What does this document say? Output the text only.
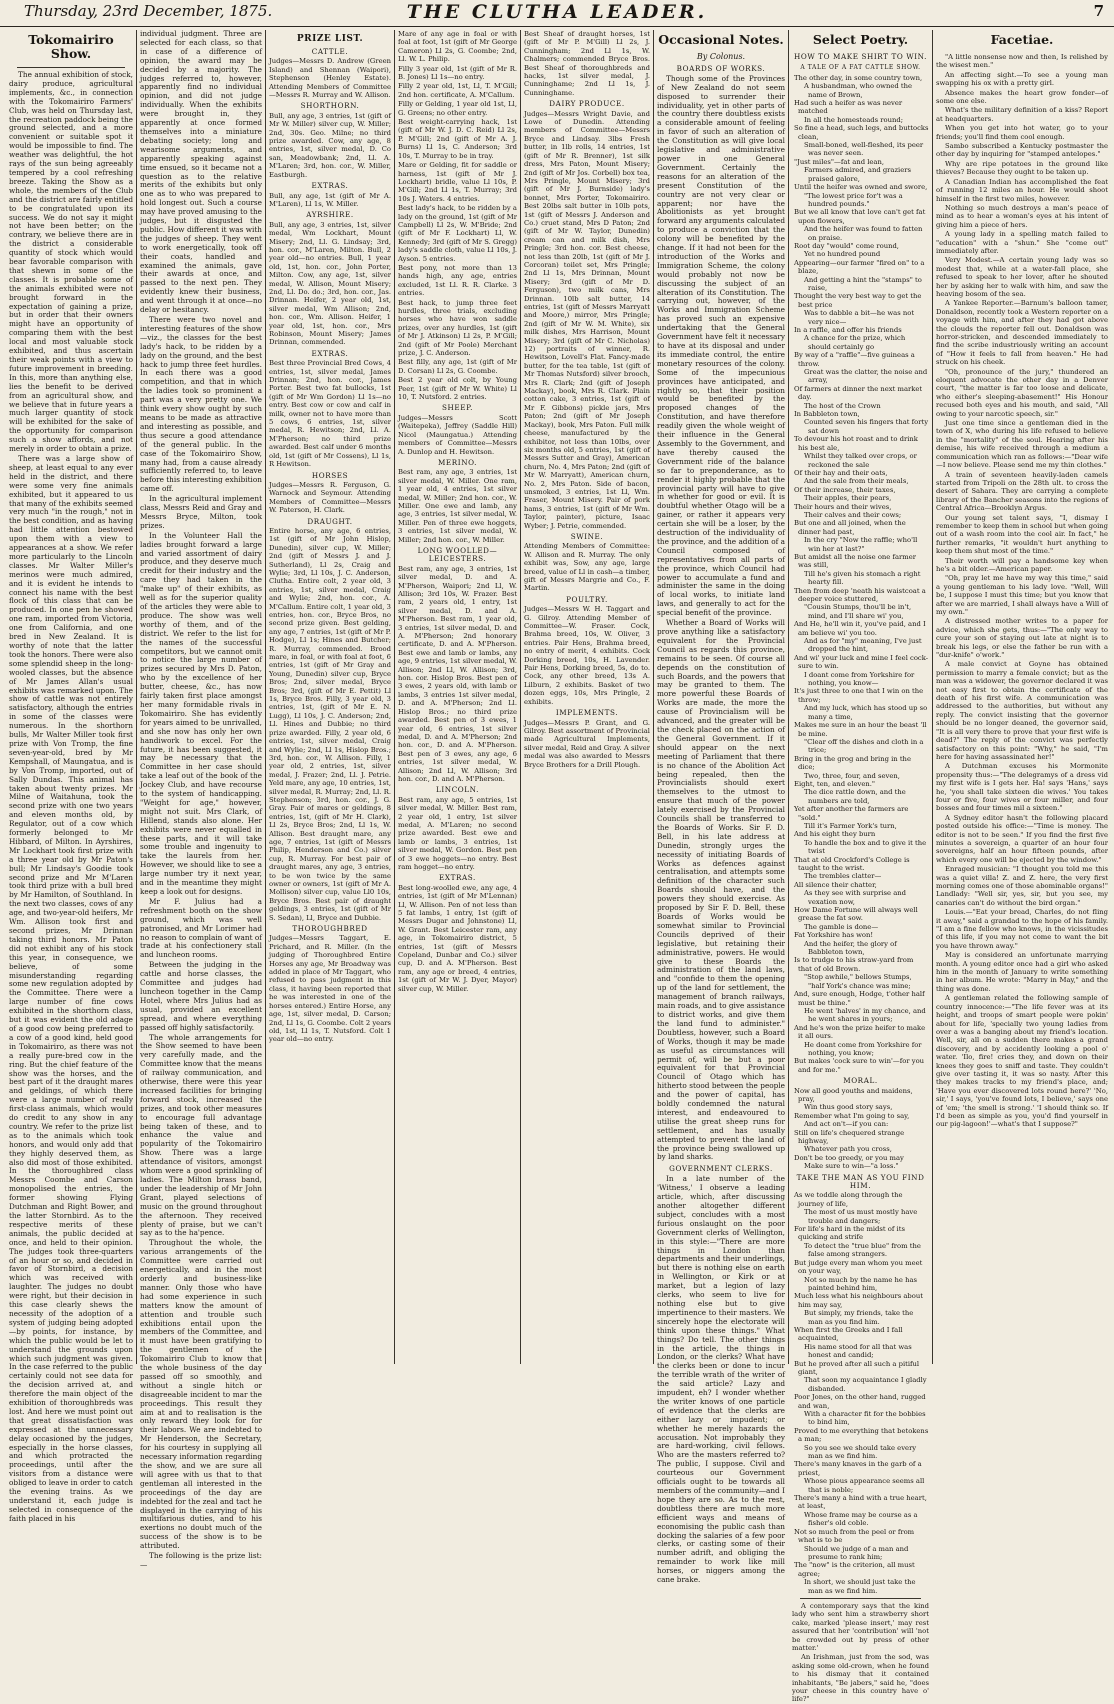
Thursday, 23rd December, 1875.	THE CLUTHA LEADER.	7
Tokomairiro Show.

The annual exhibition of stock, dairy produce, agricultural implements, &c., in connection with the Tokomairiro Farmers' Club, was held on Thursday last, the recreation paddock being the ground selected, and a more convenient or suitable spot it would be impossible to find. The weather was delightful, the hot rays of the sun being agreeably tempered by a cool refreshing breeze. Taking the Show as a whole, the members of the Club and the district are fairly entitled to be congratulated upon its success. We do not say it might not have been better; on the contrary, we believe there are in the district a considerable quantity of stock which would bear favorable comparison with that shewn in some of the classes. It is probable some of the animals exhibited were not brought forward in the expectation of gaining a prize, but in order that their owners might have an opportunity of comparing them with the best local and most valuable stock exhibited, and thus ascertain their weak points with a view to future improvement in breeding. In this, more than anything else, lies the benefit to be derived from an agricultural show, and we believe that in future years a much larger quantity of stock will be exhibited for the sake of the opportunity for comparison such a show affords, and not merely in order to obtain a prize.

There was a large show of sheep, at least equal to any ever held in the district, and there were some very fine animals exhibited, but it appeared to us that many of the exhibits seemed very much "in the rough," not in the best condition, and as having had little attention bestowed upon them with a view to appearances at a show. We refer more particularly to the Lincoln classes. Mr Walter Miller's merinos were much admired, and it is evident he intends to connect his name with the best flock of this class that can be produced. In one pen he showed one ram, imported from Victoria, one from California, and one bred in New Zealand. It is worthy of note that the latter took the honors. There were also some splendid sheep in the long-wooled classes, but the absence of Mr James Allan's usual exhibits was remarked upon. The show of cattle was not entirely satisfactory, although the entries in some of the classes were numerous. In the shorthorn bulls, Mr Walter Miller took first prize with Von Tromp, the fine seven-year-old, bred by Mr Kempshall, of Maungatua, and is by Von Tromp, imported, out of Sally Dundas. This animal has taken about twenty prizes. Mr Milne of Waitahuna, took the second prize with one two years and eleven months old, by Regulator, out of a cow which formerly belonged to Mr Hibbard, of Milton. In Ayrshires, Mr Lockhart took first prize with a three year old by Mr Paton's bull; Mr Lindsay's Goodie took second prize and Mr M'Laren took third prize with a bull bred by Mr Hamilton, of Southland. In the next two classes, cows of any age, and two-year-old heifers, Mr Wm. Allison took first and second prizes, Mr Drinnan taking third honors. Mr Paton did not exhibit any of his stock this year, in consequence, we believe, of some misunderstanding regarding some new regulation adopted by the Committee. There were a large number of fine cows exhibited in the shorthorn class, but it was evident the old adage of a good cow being preferred to a cow of a good kind, held good in Tokomairiro, as there was not a really pure-bred cow in the ring. But the chief feature of the show was the horses, and the best part of it the draught mares and geldings, of which there were a large number of really first-class animals, which would do credit to any show in any country. We refer to the prize list as to the animals which took honors, and would only add that they highly deserved them, as also did most of those exhibited. In the thoroughbred class Messrs Coombe and Carson monopolised the entries, the former showing Flying Dutchman and Right Bower, and the latter Stornbird. As to the respective merits of these animals, the public decided at once, and held to their opinion. The judges took three-quarters of an hour or so, and decided in favor of Stornbird, a decision which was received with laughter. The judges no doubt were right, but their decision in this case clearly shews the necessity of the adoption of a system of judging being adopted—by points, for instance, by which the public would be let to understand the grounds upon which such judgment was given. In the case referred to the public certainly could not see data for the decision arrived at, and therefore the main object of the exhibition of thoroughbreds was lost. And here we must point out that great dissatisfaction was expressed at the unnecessary delay occasioned by the judges, especially in the horse classes, and which protracted the proceedings, until after the visitors from a distance were obliged to leave in order to catch the evening trains. As we understand it, each judge is selected in consequence of the faith placed in his

individual judgment. Three are selected for each class, so that in case of a difference of opinion, the award may be decided by a majority. The judges referred to, however, apparently find no individual opinion, and did not judge individually. When the exhibits were brought in, they apparently at once formed themselves into a miniature debating society; long and wearisome arguments, and apparently speaking against time ensued, so it became not a question as to the relative merits of the exhibits but only one as to who was prepared to hold longest out. Such a course may have proved amusing to the judges, but it disgusted the public. How different it was with the judges of sheep. They went to work energetically, took off their coats, handled and examined the animals, gave their awards at once, and passed to the next pen. They evidently knew their business, and went through it at once—no delay or hesitancy.

There were two novel and interesting features of the show—viz., the classes for the best lady's hack, to be ridden by a lady on the ground, and the best hack to jump three feet hurdles. In each there was a good competition, and that in which the ladies took so prominent a part was a very pretty one. We think every show ought by such means to be made as attractive and interesting as possible, and thus secure a good attendance of the general public. In the case of the Tokomairiro Show, many had, from a cause already sufficiently referred to, to leave before this interesting exhibition came off.

In the agricultural implement class, Messrs Reid and Gray and Messrs Bryce, Milton, took prizes.

In the Volunteer Hall the ladies brought forward a large and varied assortment of dairy produce, and they deserve much credit for their industry and the care they had taken in the "make up" of their exhibits, as well as for the superior quality of the articles they were able to produce. The show was well worthy of them, and of the district. We refer to the list for the names of the successful competitors, but we cannot omit to notice the large number of prizes secured by Mrs D. Paton, who by the excellence of her butter, cheese, &c., has now fairly taken first place amongst her many formidable rivals in Tokomairiro. She has evidently for years aimed to be unrivalled, and she now has only her own handiwork to excel. For the future, it has been suggested, it may be necessary that the Committee in her case should take a leaf out of the book of the Jockey Club, and have recourse to the system of handicapping. "Weight for age," however, might not suit. Mrs Clark, of Hillend, stands also alone. Her exhibits were never equalled in these parts, and it will take some trouble and ingenuity to take the laurels from her. However, we should like to see a large number try it next year, and in the meantime they might keep a look out for designs.

Mr F. Julius had a refreshment booth on the show ground, which was well patronised, and Mr Lorimer had no reason to complain of want of trade at his confectionery stall and luncheon rooms.

Between the judging in the cattle and horse classes, the Committee and judges had luncheon together in the Camp Hotel, where Mrs Julius had as usual, provided an excellent spread, and where everything passed off highly satisfactorily.

The whole arrangements for the Show seemed to have been very carefully made, and the Committee know that the means of railway communication, and otherwise, there were this year increased facilities for bringing forward stock, increased the prizes, and took other measures to encourage full advantage being taken of these, and to enhance the value and popularity of the Tokomairiro Show. There was a large attendance of visitors, amongst whom were a good sprinkling of ladies. The Milton brass band, under the leadership of Mr John Grant, played selections of music on the ground throughout the afternoon. They received plenty of praise, but we can't say as to the ha'pence.

Throughout the whole, the various arrangements of the Committee were carried out energetically, and in the most orderly and business-like manner. Only those who have had some experience in such matters know the amount of attention and trouble such exhibitions entail upon the members of the Committee, and it must have been gratifying to the gentlemen of the Tokomairiro Club to know that the whole business of the day passed off so smoothly, and without a single hitch or disagreeable incident to mar the proceedings. This result they aim at and to realisation is the only reward they look for for their labors. We are indebted to Mr Henderson, the Secretary, for his courtesy in supplying all necessary information regarding the show, and we are sure all will agree with us that to that gentleman all interested in the proceedings of the day are indebted for the zeal and tact he displayed in the carrying of his multifarious duties, and to his exertions no doubt much of the success of the show is to be attributed.

The following is the prize list:—

PRIZE LIST.
CATTLE.

Judges—Messrs D. Andrew (Green Island) and Shennan (Waipori), Stephenson (Henley Estate). Attending Members of Committee—Messrs R. Murray and W. Allison.

SHORTHORN.

Bull, any age, 3 entries, 1st (gift of Mr W. Miller) silver cup, W. Miller; 2nd, 30s. Geo. Milne; no third prize awarded. Cow, any age, 8 entries, 1st, silver medal, D. Co san, Meadowbank; 2nd, Ll. A. M'Laren; 3rd, hon. cor., W. Miller, Eastburgh.

EXTRAS.

Bull, any age, 1st (gift of Mr A. M'Laren), Ll 1s, W. Miller.

AYRSHIRE.

Bull, any age, 3 entries, 1st, silver medal, Wm Lockhart, Mount Misery; 2nd, Ll. G. Lindsay; 3rd, hon. cor., M'Laren, Milton. Bull, 2 year old—no entries. Bull, 1 year old, 1st, hon. cor., John Porter, Milton. Cow, any age, 1st, silver medal, W. Allison, Mount Misery; 2nd, Ll. Do. do.; 3rd, hon. cor., Jas. Drinnan. Heifer, 2 year old, 1st, silver medal, Wm Allison; 2nd, hon. cor., Wm. Allison. Heifer, 1 year old, 1st, hon. cor., Mrs Robinson, Mount Misery; James Drinnan, commended.

EXTRAS.

Best three Provincial Bred Cows, 4 entries, 1st, silver medal, James Drinnan; 2nd, hon. cor., James Porter. Best two fat bullocks, 1st (gift of Mr Wm Gordon) Ll 1s—no entry. Best cow or cow and calf in milk, owner not to have more than 5 cows, 6 entries, 1st, silver medal, R. Hewitson; 2nd, Ll. A. M'Pherson; no third prize awarded. Best calf under 6 months old, 1st (gift of Mr Cossens), Ll 1s, R Hewitson.

HORSES

Judges—Messrs R. Ferguson, G. Warnock and Seymour. Attending Members of Committee—Messrs W. Paterson, H. Clark.

DRAUGHT.

Entire horse, any age, 6 entries, 1st (gift of Mr John Hislop, Dunedin), silver cup, W. Miller; 2nd (gift of Messrs J. and J. Sutherland), Ll 2s, Craig and Wylie; 3rd, Ll 10s, J. C. Anderson, Clutha. Entire colt, 2 year old, 3 entries, 1st, silver medal, Craig and Wylie; 2nd, hon. cor., A. M'Callum. Entire colt, 1 year old, 3 entries, hon. cor., Bryce Bros, no second prize given. Best gelding, any age, 7 entries, 1st (gift of Mr P. Hodge), Ll 1s; Hines and Butcher; R. Murray, commended. Brood mare, in foal, or with foal at foot, 6 entries, 1st (gift of Mr Gray and Young, Dunedin) silver cup, Bryce Bros; 2nd, silver medal, Bryce Bros; 3rd, (gift of Mr E. Pettit) Ll 1s, Bryce Bros. Filly, 3 year old, 3 entries, 1st, (gift of Mr E. N. Lugg), Ll 10s, J. C. Anderson; 2nd, Ll. Hines and Dubbie; no third prize awarded. Filly, 2 year old, 6 entries, 1st, silver medal, Craig and Wylie; 2nd, Ll 1s, Hislop Bros.; 3rd, hon. cor., W. Allison. Filly, 1 year old, 2 entries, 1st, silver medal, J. Frazer; 2nd, Ll. J. Petrie. Yeld mare, any age, 10 entries, 1st, silver medal, R. Murray; 2nd, Ll. R. Stephenson; 3rd, hon. cor., J. G. Gray. Pair of mares or geldings, 8 entries, 1st, (gift of Mr H. Clark), Ll 2s, Bryce Bros; 2nd, Ll 1s, W. Allison. Best draught mare, any age, 7 entries, 1st (gift of Messrs Philip, Henderson and Co.) silver cup, R. Murray. For best pair of draught mares, any age, 3 entries, to be won twice by the same owner or owners, 1st (gift of Mr A. Mollison) silver cup, value Ll0 10s, Bryce Bros. Best pair of draught geldings, 3 entries, 1st (gift of Mr S. Sedan), Ll, Bryce and Dubbie.

THOROUGHBRED

Judges—Messrs Taggart, E. Prichard, and R. Miller. (In the judging of Thoroughbred Entire Horses any age, Mr Broadway was added in place of Mr Taggart, who refused to pass judgment in this class, it having been reported that he was interested in one of the horses entered.) Entire Horse, any age, 1st, silver medal, D. Carson; 2nd, Ll 1s, G. Coombe. Colt 2 years old, 1st, Ll 1s, T. Nutsford. Colt 1 year old—no entry.

Mare of any age in foal or with foal at foot, 1st (gift of Mr George Cameron) Ll 2s, G. Coombe; 2nd, Ll. W. L. Philip.

Filly 3 year old, 1st (gift of Mr R. B. Jones) Ll 1s—no entry.

Filly 2 year old, 1st, Ll, T. M'Gill; 2nd hon. certificate, A. M'Callum.

Filly or Gelding, 1 year old 1st, Ll, G. Greens; no other entry.

Best weight-carrying hack, 1st (gift of Mr W. J. D. C. Reid) Ll 2s, P. M'Gill; 2nd (gift of Mr A. J. Burns) Ll 1s, C. Anderson; 3rd 10s, T. Murray to be in tray.

Mare or Gelding, fit for saddle or harness, 1st (gift of Mr J. Lockhart) bridle, value Ll 10s, P. M'Gill; 2nd Ll 1s, T. Murray; 3rd 10s J. Waters. 4 entries.

Best lady's hack, to be ridden by a lady on the ground, 1st (gift of Mr Campbell) Ll 2s, W. M'Bride; 2nd (gift of Mr F. Lockhart) Ll, W. Kennedy; 3rd (gift of Mr S. Gregg) lady's saddle cloth, value Ll 10s, J. Ayson. 5 entries.

Best pony, not more than 13 hands high, any age, entries excluded, 1st Ll. R. R. Clarke. 3 entries.

Best hack, to jump three feet hurdles, three trials, excluding horses who have won saddle prizes, over any hurdles, 1st (gift of Mr J. Atkinson) Ll 2s, P. M'Gill; 2nd (gift of Mr Poole) Merchant prize, J. C. Anderson.

Best filly, any age, 1st (gift of Mr D. Corsan) Ll 2s, G. Coombe.

Best 2 year old colt, by Young Peer, 1st (gift of Mr W. White) Ll 10, T. Nutsford. 2 entries.

SHEEP.

Judges—Messrs Scott (Waitepeka), Jeffrey (Saddle Hill) Nicol (Maungatua.) Attending members of Committee—Messrs A. Dunlop and H. Hewitson.

MERINO.

Best ram, any age, 3 entries, 1st silver medal, W. Miller. One ram, 1 year old, 4 entries, 1st silver medal, W. Miller; 2nd hon. cor., W. Miller. One ewe and lamb, any age, 3 entries, 1st silver medal, W. Miller. Pen of three ewe hoggets, 3 entries, 1st silver medal, W. Miller; 2nd hon. cor., W. Miller.

LONG WOOLLED—LEICESTERS.

Best ram, any age, 3 entries, 1st silver medal, D. and A. M'Pherson, Waipori; 2nd Ll, W. Allison; 3rd 10s, W. Frazer. Best ram, 2 years old, 1 entry, 1st silver medal, D. and A. M'Pherson. Best ram, 1 year old, 3 entries, 1st silver medal, D. and A. M'Pherson; 2nd honorary certificate, D. and A. M'Pherson. Best ewe and lamb or lambs, any age, 9 entries, 1st silver medal, W. Allison; 2nd Ll, W. Allison; 3rd, hon. cor. Hislop Bros. Best pen of 3 ewes, 2 years old, with lamb or lambs, 3 entries 1st silver medal, D. and A. M'Pherson; 2nd Ll. Hislop Bros.; no third prize awarded. Best pen of 3 ewes, 1 year old, 6 entries, 1st silver medal, D. and A. M'Pherson; 2nd hon. cor., D. and A. M'Pherson. Best pen of 3 ewes, any age, 6 entries, 1st silver medal, W. Allison; 2nd Ll, W. Allison; 3rd hon. cor., D. and A. M'Pherson.

LINCOLN.

Best ram, any age, 5 entries, 1st silver medal, W. Miller. Best ram, 2 year old, 1 entry, 1st silver medal, A. M'Laren; no second prize awarded. Best ewe and lamb or lambs, 3 entries, 1st silver medal, W. Gordon. Best pen of 3 ewe hoggets—no entry. Best ram hogget—no entry.

EXTRAS.

Best long-woolled ewe, any age, 4 entries, 1st (gift of Mr M'Lennan) Ll, W. Allison. Pen of not less than 5 fat lambs, 1 entry, 1st (gift of Messrs Dugar and Johnstone) Ll, W. Grant. Best Leicester ram, any age, in Tokomairiro district, 5 entries, 1st (gift of Messrs Copeland, Dunbar and Co.) silver cup, D. and A. M'Pherson. Best ram, any age or breed, 4 entries, 1st (gift of Mr W. J. Dyer, Mayor) silver cup, W. Miller.

Best Sheaf of draught horses, 1st (gift of Mr P. M'Gill) Ll 2s, J. Cunningham; 2nd Ll 1s, W. Chalmers; commended Bryce Bros. Best Sheaf of thoroughbreds and hacks, 1st silver medal, J. Cunninghame; 2nd Ll 1s, J. Cunninghame.

DAIRY PRODUCE.

Judges—Messrs Wright Davie, and Lowe of Dunedin. Attending members of Committee—Messrs Bryce and Lindsay. 3lbs Fresh butter, in 1lb rolls, 14 entries, 1st (gift of Mr R. Brenner), 1st silk dress, Mrs Paton, Mount Misery; 2nd (gift of Mr Jos. Corbell) box tea, Mrs Pringle, Mount Misery; 3rd (gift of Mr J. Burnside) lady's bonnet, Mrs Porter, Tokomairiro. Best 20lbs salt butter in 10lb pots, 1st (gift of Messrs J. Anderson and Co.) cruet stand, Mrs D Paton; 2nd (gift of Mr W. Taylor, Dunedin) cream can and milk dish, Mrs Pringle; 3rd hon. cor. Best cheese, not less than 20lb, 1st (gift of Mr J. Corcoran) toilet set, Mrs Pringle; 2nd Ll 1s, Mrs Drinnan, Mount Misery; 3rd (gift of Mr D. Ferguson), two milk cans, Mrs Drinnan. 10lb salt butter, 14 entries, 1st (gift of Messrs Marryatt and Moore,) mirror, Mrs Pringle; 2nd (gift of Mr W. M. White), six milk dishes, Mrs Harrison, Mount Misery; 3rd (gift of Mr C. Nicholas) 12) portraits of winner, R. Hewitson, Lovell's Flat. Fancy-made butter, for the tea table, 1st (gift of Mr Thomas Nutsford) silver brooch, Mrs R. Clark; 2nd (gift of Joseph Mackay), book, Mrs R. Clark. Plain cotton cake, 3 entries, 1st (gift of Mr F. Gibbons) pickle jars, Mrs Paton; 2nd (gift of Mr Joseph Mackay), book, Mrs Paton. Full milk cheese, manufactured by the exhibitor, not less than 10lbs, over six months old, 5 entries, 1st (gift of Messrs Sutter and Gray), American churn, No. 4, Mrs Paton; 2nd (gift of Mr W. Marryatt), American churn, No. 2, Mrs Paton. Side of bacon, unsmoked, 3 entries, 1st Ll, Wm. Fraser, Mount Misery. Pair of pork hams, 3 entries, 1st (gift of Mr Wm. Taylor, painter), picture, Isaac Wyber; J. Petrie, commended.

SWINE.

Attending Members of Committee: W. Allison and R. Murray. The only exhibit was, Sow, any age, large breed, value of Ll in cash—a timber, gift of Messrs Margrie and Co., F. Martin.

POULTRY.

Judges—Messrs W. H. Taggart and G. Gilroy. Attending Member of Committee—W. Fraser. Cock, Brahma breed, 10s, W. Oliver, 3 entries. Pair Hens, Brahma breed, no entry of merit, 4 exhibits. Cock Dorking breed, 10s, H. Lavender. Pair Hens, Dorking breed, 5s, do to. Cock, any other breed, 13s A. Lilburn, 2 exhibits. Basket of two dozen eggs, 10s, Mrs Pringle, 2 exhibits.

IMPLEMENTS.

Judges—Messrs P. Grant, and G. Gilroy. Best assortment of Provincial made Agricultural Implements, silver medal, Reid and Gray. A silver medal was also awarded to Messrs Bryce Brothers for a Drill Plough.

Occasional Notes.
By Colonus.
BOARDS OF WORKS.

Though some of the Provinces of New Zealand do not seem disposed to surrender their individuality, yet in other parts of the country there doubtless exists a considerable amount of feeling in favor of such an alteration of the Constitution as will give local legislative and administrative power in one General Government. Certainly the reasons for an alteration of the present Constitution of the country are not very clear or apparent; nor have the Abolitionists as yet brought forward any arguments calculated to produce a conviction that the colony will be benefited by the change. If it had not been for the introduction of the Works and Immigration Scheme, the colony would probably not now be discussing the subject of an alteration of its Constitution. The carrying out, however, of the Works and Immigration Scheme has proved such an expensive undertaking that the General Government have felt it necessary to have at its disposal and under its immediate control, the entire monetary resources of the colony. Some of the impecunious provinces have anticipated, and rightly so, that their position would be benefited by the proposed changes of the Constitution, and have therefore readily given the whole weight of their influence in the General Assembly to the Government, and have thereby caused the Government ride of the balance so far to preponderance, as to render it highly probable that the provincial party will have to give in whether for good or evil. It is doubtful whether Otago will be a gainer, or rather it appears very certain she will be a loser, by the destruction of the individuality of the province, and the addition of a Council composed of representatives from all parts of the province, which Council had power to accumulate a fund and administer the same in the doing of local works, to initiate land laws, and generally to act for the special benefit of the province.

Whether a Board of Works will prove anything like a satisfactory equivalent for the Provincial Council as regards this province, remains to be seen. Of course all depends on the constitution of such Boards, and the powers that may be granted to them. The more powerful these Boards of Works are made, the more the cause of Provincialism will be advanced, and the greater will be the check placed on the action of the General Government. If it should appear on the next meeting of Parliament that there is no chance of the Abolition Act being repealed, then the Provincialists should exert themselves to the utmost to ensure that much of the power lately exercised by the Provincial Councils shall be transferred to the Boards of Works. Sir F. D. Bell, in his late address at Dunedin, strongly urges the necessity of initiating Boards of Works as defences against centralisation, and attempts some definition of the character such Boards should have, and the powers they should exercise. As proposed by Sir F. D. Bell, these Boards of Works would be somewhat similar to Provincial Councils deprived of their legislative, but retaining their administrative, powers. He would give to these Boards the administration of the land laws, and "confide to them the opening up of the land for settlement, the management of branch railways, main roads, and to give assistance to district works, and give them the land fund to administer." Doubtless, however, such a Board of Works, though it may be made as useful as circumstances will permit of, will be but a poor equivalent for that Provincial Council of Otago which has hitherto stood between the people and the power of capital, has boldly condemned the natural interest, and endeavoured to utilise the great sheep runs for settlement, and has usually attempted to prevent the land of the province being swallowed up by land sharks.

GOVERNMENT CLERKS.

In a late number of the 'Witness,' I observe a leading article, which, after discussing another altogether different subject, concludes with a most furious onslaught on the poor Government clerks of Wellington, in this style:—"There are more things in London than departments and their underlings, but there is nothing else on earth in Wellington, or Kirk or at market, but a legion of lazy clerks, who seem to live for nothing else but to give impertinence to their masters. We sincerely hope the electorate will think upon these things." What things? Do tell. The other things in the article, the things in London, or the clerks? What have the clerks been or done to incur the terrible wrath of the writer of the said article? Lazy and impudent, eh? I wonder whether the writer knows of one particle of evidence that the clerks are either lazy or impudent; or whether he merely hazards the accusation. Not improbably they are hard-working, civil fellows. Who are the masters referred to? The public, I suppose. Civil and courteous our Government officials ought to be towards all members of the community—and I hope they are so. As to the rest, doubtless there are much more efficient ways and means of economising the public cash than docking the salaries of a few poor clerks, or casting some of their number adrift, and obliging the remainder to work like mill horses, or niggers among the cane brake.

Select Poetry.
HOW TO MAKE SHIRT TO WIN.
A TALE OF A FAT CATTLE SHOW.
The other day, in some country town,
A husbandman, who owned the name of Brown,
Had such a heifer as was never matched
In all the homesteads round;
So fine a head, such legs, and buttocks clean,
Small-boned, well-fleshed, its peer was never seen.
"Just miles"—fat and lean,
Farmers admired, and graziers praised galore,
Until the heifer was owned and swore,
"The lowest price for't was a hundred pounds."
But we all know that love can't get fat upon flowers,
And the heifer was found to fatten on praise.
Root day "would" come round,
Yet no hundred pound
Appearing—our farmer "fired on" to a blaze,
And getting a hint the "stamps" to raise,
Thought the very best way to get the best price
Was to dabble a bit—he was not very nice—
In a raffle, and offer his friends
A chance for the prize, which should certainly go
By way of a "raffle"—five guineas a throw.
Great was the clatter, the noise and array,
Of farmers at dinner the next market day.
The host of the Crown
In Babbleton town,
Counted seven his fingers that forty sat down
To devour his hot roast and to drink his best ale,
Whilst they talked over crops, or reckoned the sale
Of their hay and their oats,
And the sale from their meals,
Of their increase, their taxes,
Their apples, their pears,
Their hours and their wives,
Their calves and their cows;
But one and all joined, when the dinner had past,
In the cry "Now the raffle; who'll win her at last?"
But amidst all the noise one farmer was still,
Till he's given his stomach a right hearty fill.
Then from deep 'neath his waistcoat a deeper voice stuttered,
"Cousin Stumps, thou'll be in't, mind, and I'll share wi' you,
And He, he'll win it, you've paid, and I am believe wi' you too.
And as for "my" meaning, I've just dropped the hint,
And wi' your luck and mine I feel cock-sure to win.
I doant come from Yorkshire for nothing, you know—
It's just three to one that I win on the throw;
And my luck, which has stood up so many a time,
Makes me sure in an hour the beast 'll be mine.
"Clear off the dishes and cloth in a trice;
Bring in the grog and bring in the dice;
Two, three, four, and seven,
Eight, ten, and eleven."
The dice rattle down, and the numbers are told,
Yet after another the farmers are "sold."
Till it's Farmer York's turn,
And his eight they burn
To handle the box and to give it the twist
That at old Crockford's College is taught to the wrist.
The trembles clatter—
All silence their chatter,
As they see with surprise and vexation now,
How Dame Fortune will always well grease the fat sow.
The gamble is done—
Fat Yorkshire has won!
And the heifer, the glory of Babbleton town,
Is to trudge to his straw-yard from that of old Brown.
"Stop awhile," bellows Stumps, "half York's chance was mine;
And, sure enough, Hodge, t'other half must be thine."
He went 'halves' in my chance, and he went shares in yours;
And he's won the prize heifer to make it all ours.
He doant come from Yorkshire for nothing, you know;
But makes 'cock sure to win'—for you and for me."
MORAL.
Now all good youths and maidens, pray,
Win thus good story says,
Remember what I'm going to say,
And act on't—if you can:
Still on life's chequered strange highway,
Whatever path you cross,
Don't be too greedy, or you may
Make sure to win—"a loss."
TAKE THE MAN AS YOU FIND HIM.
As we toddle along through the journey of life,
The most of us must mostly have trouble and dangers;
For life's hard in the midst of its quicking and strife
To detect the "true blue" from the false among strangers.
But judge every man whom you meet on your way,
Not so much by the name he has painted behind him,
Much less what his neighbours about him may say,
But simply, my friends, take the man as you find him.
When first the Greeks and I fall acquainted,
His name stood for all that was honest and candid;
But he proved after all such a pitiful giant,
That soon my acquaintance I gladly disbanded.
Poor Jones, on the other hand, rugged and wan,
With a character fit for the bobbies to bind him,
Proved to me everything that betokens a man;
So you see we should take every man as we find him.
There's many knaves in the garb of a priest,
Whose pious appearance seems all that is noble;
There's many a hind with a true heart, at least,
Whose frame may be course as a fisher's old coble.
Not so much from the peel or from what is to be
Should we judge of a man and presume to rank him;
The "now" is the criterion, all must agree;
In short, we should just take the man as we find him.

A contemporary says that the kind lady who sent him a strawberry short cake, marked 'please insert,' may rest assured that her 'contribution' will 'not be crowded out by press of other matter.'

An Irishman, just from the sod, was asking some old-crown, when he found to his dismay that it contained inhabitants, "Be jabers," said he, "does your cheese in this country have o' life?"

Facetiae.

"A little nonsense now and then, Is relished by the wisest men."

An affecting sight.—To see a young man swapping his ox with a pretty girl.

Absence makes the heart grow fonder—of some one else.

What's the military definition of a kiss? Report at headquarters.

When you get into hot water, go to your friends; you'll find them cool enough.

Sambo subscribed a Kentucky postmaster the other day by inquiring for "stamped antelopes."

Why are ripe potatoes in the ground like thieves? Because they ought to be taken up.

A Canadian Indian has accomplished the feat of running 12 miles an hour. He would shoot himself in the first two miles, however.

Nothing so much destroys a man's peace of mind as to hear a woman's eyes at his intent of giving him a piece of hers.

A young lady in a spelling match failed to "education" with a "shun." She "come out" immediately after.

Very Modest.—A certain young lady was so modest that, while at a water-fall place, she refused to speak to her lover, after he shouted her by asking her to walk with him, and saw the heaving bosom of the sea.

A Yankee Reporter.—Barnum's balloon tamer, Donaldson, recently took a Western reporter on a voyage with him, and after they had got above the clouds the reporter fell out. Donaldson was horror-stricken, and descended immediately to find the scribe industriously writing an account of "How it feels to fall from heaven." He had struck on his cheek.

"Oh, pronounce of the jury," thundered an eloquent advocate the other day in a Denver court, "the matter is far too loose and delicate, who either's sleeping-abasement!" His Honour recused both eyes and his mouth, and said, "All owing to your narcotic speech, sir."

Just one time since a gentleman died in the town of X, who during his life refused to believe in the "mortality" of the soul. Hearing after his demise, his wife received through a medium a communication which ran as follows:—"Dear wife—I now believe. Please send me my thin clothes."

A train of seventeen heavily-laden camels started from Tripoli on the 28th ult. to cross the desert of Sahara. They are carrying a complete library of the Bancher seasons into the regions of Central Africa—Brooklyn Argus.

Our young set talent says, "I, dismay I remember to keep them in school but when going out of a wash room into the cool air. In fact," he further remarks, "it wouldn't hurt anything to keep them shut most of the time."

Their worth will pay a handsome key when he's a bit older.—American paper.

"Oh, pray let me have my way this time," said a young gentleman to his lady love. "Well, Will be, I suppose I must this time; but you know that after we are married, I shall always have a Will of my own."

A distressed mother writes to a paper for advice, which she gets, thus:—"The only way to cure your son of staying out late at night is to break his legs, or else the father be run with a "dur-knife" o'work."

A male convict at Goyne has obtained permission to marry a female convict; but as the man was a widower, the governor declared it was not easy first to obtain the certificate of the death of his first wife. A communication was addressed to the authorities, but without any reply. The convict insisting that the governor should be no longer deaned, the governor said, "It is all very there to prove that your first wife is dead?" The reply of the convict was perfectly satisfactory on this point: "Why," he said, "I'm here for having assassinated her!"

A Dutchman excuses his Mormonite propensity thus:—"The delegramys of a dress vid my first wife is I gets her. Ha! says 'Hans,' says he, 'you shall take sixteen die wives.' You takes four or five, four wives or four miller, and four bosses and four times mil a sixteen."

A Sydney editor hasn't the following placard posted outside his office:—"Time is money. The editor is not to be seen." If you find the first five minutes a sovereign, a quarter of an hour four sovereigns, half an hour fifteen pounds, after which every one will be ejected by the window."

Enraged musician: "I thought you told me this was a quiet villa! Z. and Z. here, the very first morning comes one of those abominable organs!" Landlady: "Well sir, yes, sir, but you see, my canaries can't do without the bird organ."

Louis.—"Eat your bread, Charles, do not fling it away," said a grandad to the hope of his family. "I am a fine fellow who knows, in the vicissitudes of this life, if you may not come to want the bit you have thrown away."

May is considered an unfortunate marrying month. A young editor once had a girl who asked him in the month of January to write something in her album. He wrote: "Marry in May," and the thing was done.

A gentleman related the following sample of country innocence:—"The life fever was at its height, and troops of smart people were pokin' about for life, 'specially two young ladies from over a was a banging about my friend's location. Well, sir, all on a sudden there makes a grand discovery, and by accidently looking a pool o' water. 'Ilo, fire! cries they, and down on their knees they goes to sniff and taste. They couldn't give over tasting it, it was so nasty. After this they makes tracks to my friend's place, and; 'Have you ever discovered lots round here?' 'No, sir,' I says, 'you've found lots, I believe,' says one of 'em; 'the smell is strong.' 'I should think so. If I'd been as simple as you, you'd find yourself in our pig-lagoon!'—what's that I suppose?"
